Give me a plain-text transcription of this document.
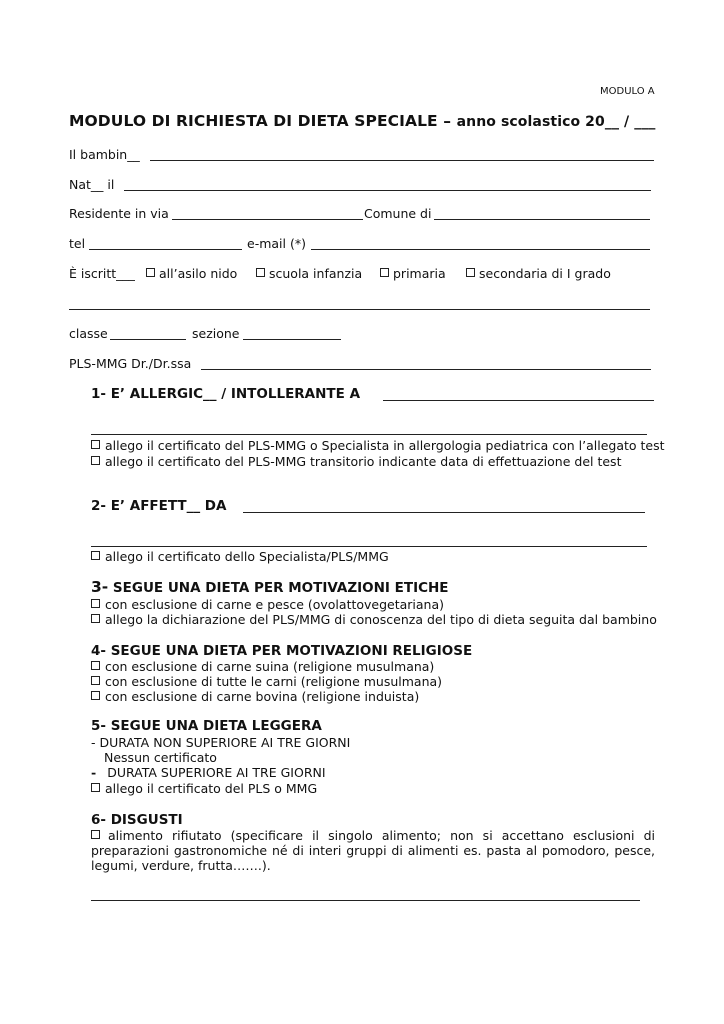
MODULO A
MODULO DI RICHIESTA DI DIETA SPECIALE – anno scolastico 20__ / ___
Il bambin__
Nat__ il
Residente in via	Comune di
tel	e-mail (*)
È iscritt___	all’asilo nido	scuola infanzia	primaria	secondaria di I grado
classe	sezione
PLS-MMG Dr./Dr.ssa
1- E’ ALLERGIC__ / INTOLLERANTE A
allego il certificato del PLS-MMG o Specialista in allergologia pediatrica con l’allegato test
allego il certificato del PLS-MMG transitorio indicante data di effettuazione del test
2- E’ AFFETT__ DA
allego il certificato dello Specialista/PLS/MMG
3- SEGUE UNA DIETA PER MOTIVAZIONI ETICHE
con esclusione di carne e pesce (ovolattovegetariana)
allego la dichiarazione del PLS/MMG di conoscenza del tipo di dieta seguita dal bambino
4- SEGUE UNA DIETA PER MOTIVAZIONI RELIGIOSE
con esclusione di carne suina (religione musulmana)
con esclusione di tutte le carni (religione musulmana)
con esclusione di carne bovina (religione induista)
5- SEGUE UNA DIETA LEGGERA
- DURATA NON SUPERIORE AI TRE GIORNI
Nessun certificato
- DURATA SUPERIORE AI TRE GIORNI
allego il certificato del PLS o MMG
6- DISGUSTI
alimento rifiutato (specificare il singolo alimento; non si accettano esclusioni di preparazioni gastronomiche né di interi gruppi di alimenti es. pasta al pomodoro, pesce, legumi, verdure, frutta…….).
